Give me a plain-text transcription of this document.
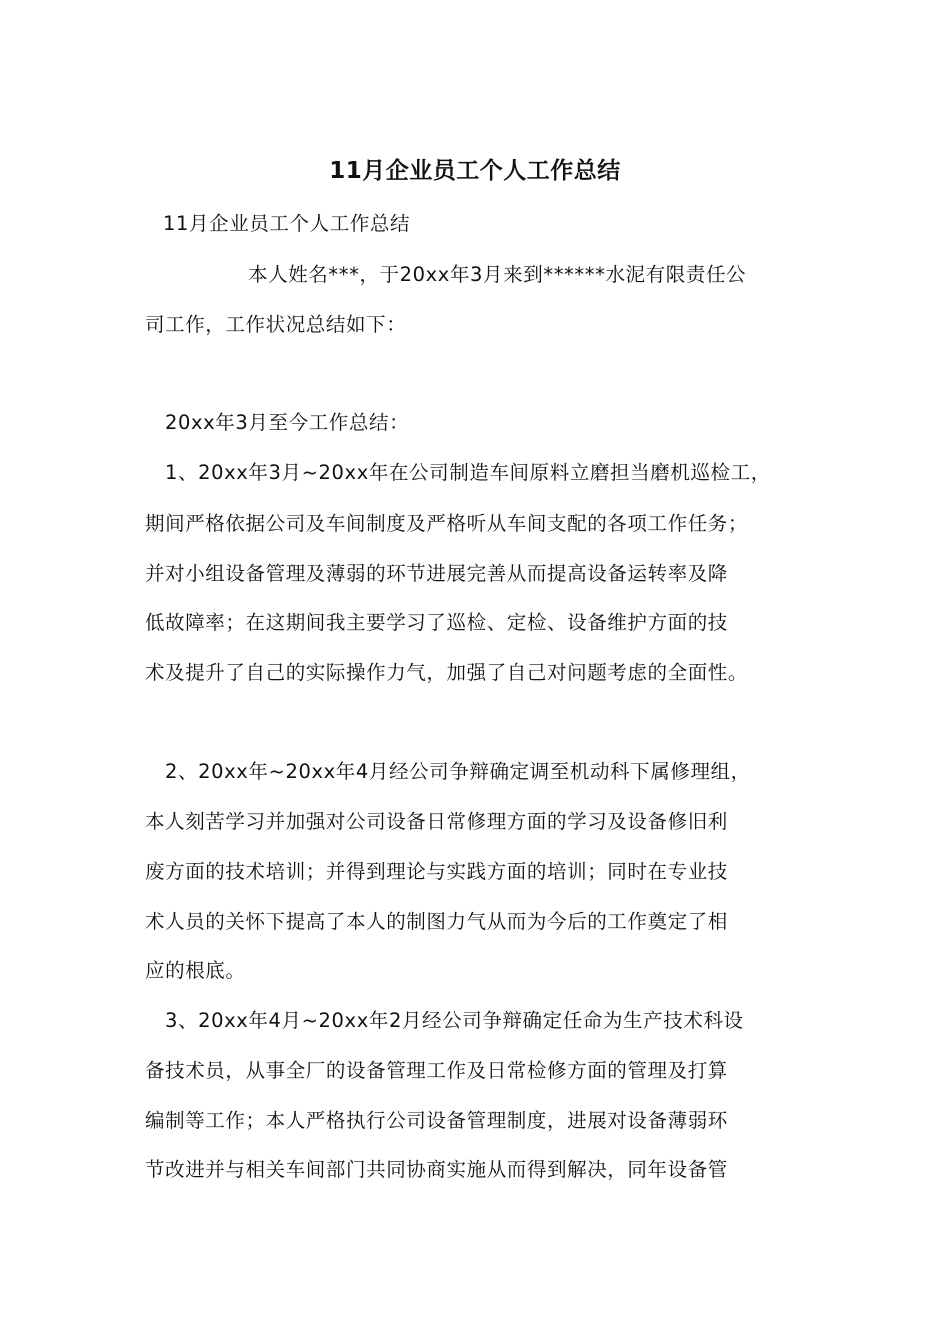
11月企业员工个人工作总结
11月企业员工个人工作总结
本人姓名***，于20xx年3月来到******水泥有限责任公
司工作，工作状况总结如下：
20xx年3月至今工作总结：
1、20xx年3月~20xx年在公司制造车间原料立磨担当磨机巡检工，
期间严格依据公司及车间制度及严格听从车间支配的各项工作任务；
并对小组设备管理及薄弱的环节进展完善从而提高设备运转率及降
低故障率；在这期间我主要学习了巡检、定检、设备维护方面的技
术及提升了自己的实际操作力气，加强了自己对问题考虑的全面性。
2、20xx年~20xx年4月经公司争辩确定调至机动科下属修理组，
本人刻苦学习并加强对公司设备日常修理方面的学习及设备修旧利
废方面的技术培训；并得到理论与实践方面的培训；同时在专业技
术人员的关怀下提高了本人的制图力气从而为今后的工作奠定了相
应的根底。
3、20xx年4月~20xx年2月经公司争辩确定任命为生产技术科设
备技术员，从事全厂的设备管理工作及日常检修方面的管理及打算
编制等工作；本人严格执行公司设备管理制度，进展对设备薄弱环
节改进并与相关车间部门共同协商实施从而得到解决，同年设备管
